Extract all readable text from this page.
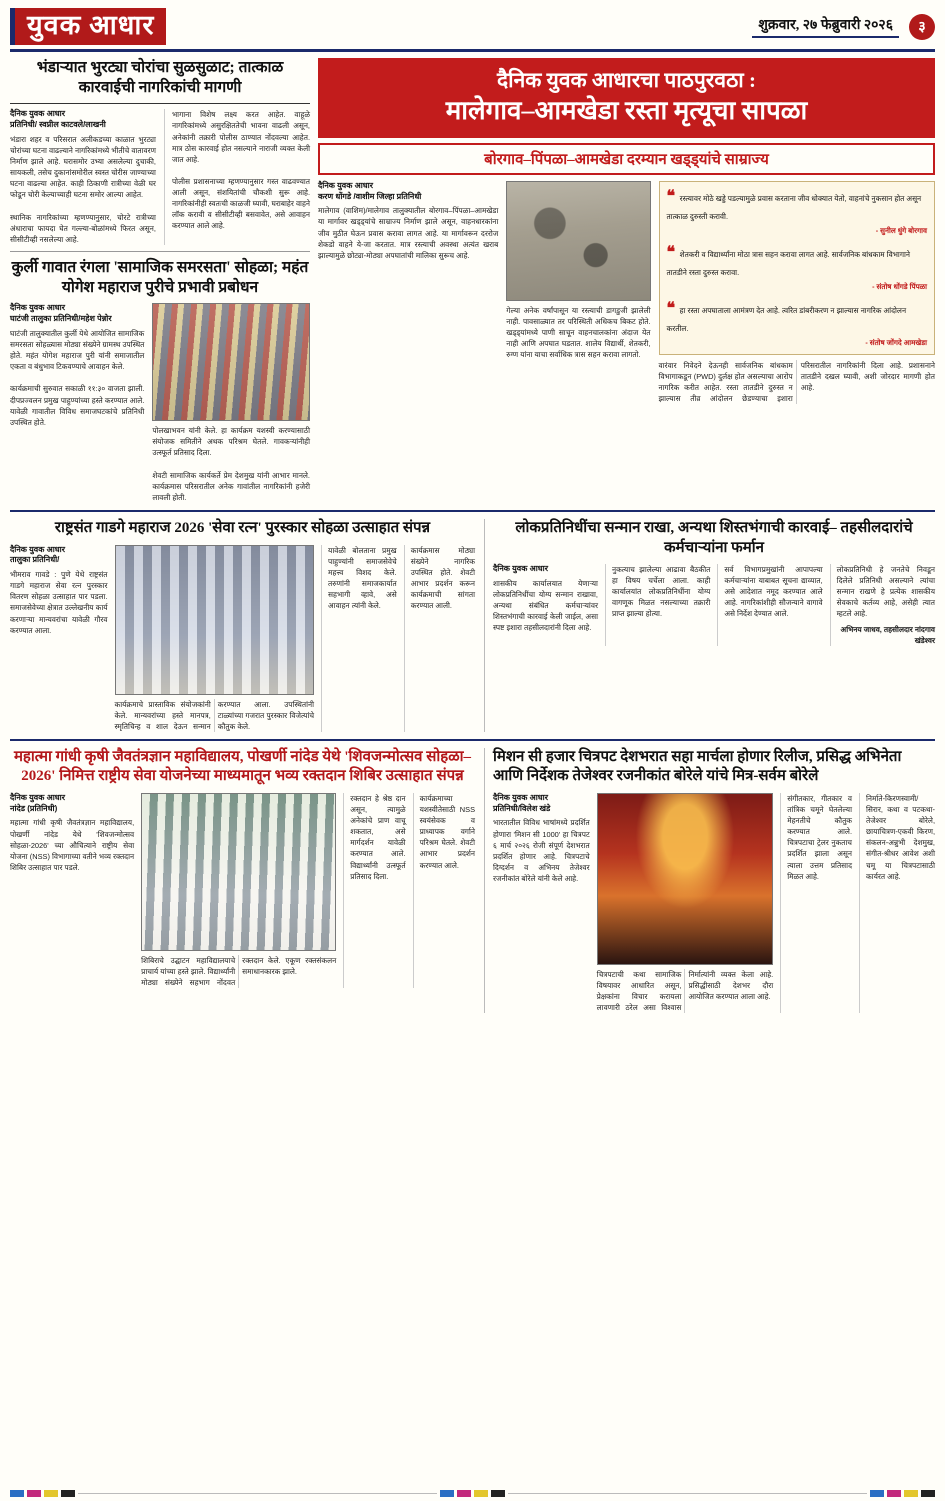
युवक आधार	शुक्रवार, २७ फेब्रुवारी २०२६	३
भंडाऱ्यात भुरट्या चोरांचा सुळसुळाट; तात्काळ कारवाईची नागरिकांची मागणी
दैनिक युवक आधार
प्रतिनिधी/ स्वप्नील काटवले/लाखनी
भंडारा शहर व परिसरात अलीकडच्या काळात भुरट्या चोरांच्या घटना वाढल्याने नागरिकांमध्ये भीतीचे वातावरण निर्माण झाले आहे. घरासमोर उभ्या असलेल्या दुचाकी, सायकली, तसेच दुकानांसमोरील स्वस्त चोरीस जाण्याच्या घटना वाढल्या आहेत. काही ठिकाणी रात्रीच्या वेळी घर फोडून चोरी केल्याच्याही घटना समोर आल्या आहेत.

स्थानिक नागरिकांच्या म्हणण्यानुसार, चोरटे रात्रीच्या अंधाराचा फायदा घेत गल्ल्या-बोळांमध्ये फिरत असून, सीसीटीव्ही नसलेल्या आहे.
भागाना विशेष लक्ष्य करत आहेत. वाहूळे नागरिकांमध्ये असुरक्षिततेची भावना वाढली असून, अनेकांनी तक्रारी पोलीस ठाण्यात नोंदवल्या आहेत. मात्र ठोस कारवाई होत नसल्याने नाराजी व्यक्त केली जात आहे.

पोलीस प्रशासनाच्या म्हणण्यानुसार गस्त वाढवण्यात आली असून, संशयितांची चौकशी सुरू आहे. नागरिकांनीही स्वतःची काळजी घ्यावी, घराबाहेर वाहने लॉक करावी व सीसीटीव्ही बसवावेत, असे आवाहन करण्यात आले आहे.
कुर्ली गावात रंगला 'सामाजिक समरसता' सोहळा; महंत योगेश महाराज पुरीचे प्रभावी प्रबोधन
दैनिक युवक आधार
घाटंजी तालुका प्रतिनिधी/महेश पेन्नोर
घाटंजी तालुक्यातील कुर्ली येथे आयोजित सामाजिक समरसता सोहळ्यास मोठ्या संख्येने ग्रामस्थ उपस्थित होते. महंत योगेश महाराज पुरी यांनी समाजातील एकता व बंधुभाव टिकवण्याचे आवाहन केले.

कार्यक्रमाची सुरुवात सकाळी ११:३० वाजता झाली. दीपप्रज्वलन प्रमुख पाहुण्यांच्या हस्ते करण्यात आले. यावेळी गावातील विविध समाजघटकांचे प्रतिनिधी उपस्थित होते.
पोलखाभवन यांनी केले. हा कार्यक्रम यशस्वी करण्यासाठी संयोजक समितीने अथक परिश्रम घेतले. गावकऱ्यांनीही उत्स्फूर्त प्रतिसाद दिला.

शेवटी सामाजिक कार्यकर्ते प्रेम देशमुख यांनी आभार मानले. कार्यक्रमास परिसरातील अनेक गावांतील नागरिकांनी हजेरी लावली होती.
दैनिक युवक आधारचा पाठपुरवठा :
मालेगाव–आमखेडा रस्ता मृत्यूचा सापळा
बोरगाव–पिंपळा–आमखेडा दरम्यान खड्ड्यांचे साम्राज्य
दैनिक युवक आधार
करण धोंगडे /वाशीम जिल्हा प्रतिनिधी
मालेगाव (वाशिम)/मालेगाव तालुक्यातील बोरगाव–पिंपळा–आमखेडा या मार्गावर खड्ड्यांचे साम्राज्य निर्माण झाले असून, वाहनधारकांना जीव मुठीत घेऊन प्रवास करावा लागत आहे. या मार्गावरून दररोज शेकडो वाहने ये-जा करतात. मात्र रस्त्याची अवस्था अत्यंत खराब झाल्यामुळे छोट्या-मोठ्या अपघातांची मालिका सुरूच आहे.
गेल्या अनेक वर्षांपासून या रस्त्याची डागडुजी झालेली नाही. पावसाळ्यात तर परिस्थिती अधिकच बिकट होते. खड्ड्यांमध्ये पाणी साचून वाहनचालकांना अंदाज येत नाही आणि अपघात घडतात. शालेय विद्यार्थी, शेतकरी, रुग्ण यांना याचा सर्वाधिक त्रास सहन करावा लागतो.
❝ रस्त्यावर मोठे खड्डे पडल्यामुळे प्रवास करताना जीव धोक्यात येतो, वाहनांचे नुकसान होत असून तात्काळ दुरुस्ती करावी.
- सुनील धुंगे बोरगाव
❝ शेतकरी व विद्यार्थ्यांना मोठा त्रास सहन करावा लागत आहे. सार्वजनिक बांधकाम विभागाने तातडीने रस्ता दुरुस्त करावा.
- संतोष धोंगडे पिंपळा
❝ हा रस्ता अपघाताला आमंत्रण देत आहे. त्वरित डांबरीकरण न झाल्यास नागरिक आंदोलन करतील.
- संतोष जोंगदे आमखेडा
वारंवार निवेदने देऊनही सार्वजनिक बांधकाम विभागाकडून (PWD) दुर्लक्ष होत असल्याचा आरोप नागरिक करीत आहेत. रस्ता तातडीने दुरुस्त न झाल्यास तीव्र आंदोलन छेडण्याचा इशारा परिसरातील नागरिकांनी दिला आहे. प्रशासनाने तातडीने दखल घ्यावी, अशी जोरदार मागणी होत आहे.
राष्ट्रसंत गाडगे महाराज 2026 'सेवा रत्न' पुरस्कार सोहळा उत्साहात संपन्न
दैनिक युवक आधार
तालुका प्रतिनिधी/
भीमराव गावडे : पुणे येथे राष्ट्रसंत गाडगे महाराज सेवा रत्न पुरस्कार वितरण सोहळा उत्साहात पार पडला. समाजसेवेच्या क्षेत्रात उल्लेखनीय कार्य करणाऱ्या मान्यवरांचा यावेळी गौरव करण्यात आला.
कार्यक्रमाचे प्रास्ताविक संयोजकांनी केले. मान्यवरांच्या हस्ते मानपत्र, स्मृतिचिन्ह व शाल देऊन सन्मान करण्यात आला. उपस्थितांनी टाळ्यांच्या गजरात पुरस्कार विजेत्यांचे कौतुक केले.
यावेळी बोलताना प्रमुख पाहुण्यांनी समाजसेवेचे महत्त्व विशद केले. तरुणांनी समाजकार्यात सहभागी व्हावे, असे आवाहन त्यांनी केले.
कार्यक्रमास मोठ्या संख्येने नागरिक उपस्थित होते. शेवटी आभार प्रदर्शन करून कार्यक्रमाची सांगता करण्यात आली.
लोकप्रतिनिधींचा सन्मान राखा, अन्यथा शिस्तभंगाची कारवाई– तहसीलदारांचे कर्मचाऱ्यांना फर्मान
दैनिक युवक आधार
शासकीय कार्यालयात येणाऱ्या लोकप्रतिनिधींचा योग्य सन्मान राखावा, अन्यथा संबंधित कर्मचाऱ्यांवर शिस्तभंगाची कारवाई केली जाईल, असा स्पष्ट इशारा तहसीलदारांनी दिला आहे.
नुकत्याच झालेल्या आढावा बैठकीत हा विषय चर्चेला आला. काही कार्यालयांत लोकप्रतिनिधींना योग्य वागणूक मिळत नसल्याच्या तक्रारी प्राप्त झाल्या होत्या.
सर्व विभागप्रमुखांनी आपापल्या कर्मचाऱ्यांना याबाबत सूचना द्याव्यात, असे आदेशात नमूद करण्यात आले आहे. नागरिकांशीही सौजन्याने वागावे असे निर्देश देण्यात आले.
लोकप्रतिनिधी हे जनतेचे निवडून दिलेले प्रतिनिधी असल्याने त्यांचा सन्मान राखणे हे प्रत्येक शासकीय सेवकाचे कर्तव्य आहे, असेही त्यात म्हटले आहे.
अभिनय जाधव, तहसीलदार नांदगाव खंडेश्वर
महात्मा गांधी कृषी जैवतंत्रज्ञान महाविद्यालय, पोखर्णी नांदेड येथे 'शिवजन्मोत्सव सोहळा–2026' निमित्त राष्ट्रीय सेवा योजनेच्या माध्यमातून भव्य रक्तदान शिबिर उत्साहात संपन्न
दैनिक युवक आधार
नांदेड (प्रतिनिधी)
महात्मा गांधी कृषी जैवतंत्रज्ञान महाविद्यालय, पोखर्णी नांदेड येथे 'शिवजन्मोत्सव सोहळा-2026' च्या औचित्याने राष्ट्रीय सेवा योजना (NSS) विभागाच्या वतीने भव्य रक्तदान शिबिर उत्साहात पार पडले.
शिबिराचे उद्घाटन महाविद्यालयाचे प्राचार्य यांच्या हस्ते झाले. विद्यार्थ्यांनी मोठ्या संख्येने सहभाग नोंदवत रक्तदान केले. एकूण रक्तसंकलन समाधानकारक झाले.
रक्तदान हे श्रेष्ठ दान असून, त्यामुळे अनेकांचे प्राण वाचू शकतात, असे मार्गदर्शन यावेळी करण्यात आले. विद्यार्थ्यांनी उत्स्फूर्त प्रतिसाद दिला.
कार्यक्रमाच्या यशस्वीतेसाठी NSS स्वयंसेवक व प्राध्यापक वर्गाने परिश्रम घेतले. शेवटी आभार प्रदर्शन करण्यात आले.
मिशन सी हजार चित्रपट देशभरात सहा मार्चला होणार रिलीज, प्रसिद्ध अभिनेता आणि निर्देशक तेजेश्वर रजनीकांत बोरेले यांचे मित्र-सर्वम बोरेले
दैनिक युवक आधार
प्रतिनिधी/विलेश खंडे
भारतातील विविध भाषांमध्ये प्रदर्शित होणारा 'मिशन सी 1000' हा चित्रपट ६ मार्च २०२६ रोजी संपूर्ण देशभरात प्रदर्शित होणार आहे. चित्रपटाचे दिग्दर्शन व अभिनय तेजेश्वर रजनीकांत बोरेले यांनी केले आहे.
चित्रपटाची कथा सामाजिक विषयावर आधारित असून, प्रेक्षकांना विचार करायला लावणारी ठरेल असा विश्वास निर्मात्यांनी व्यक्त केला आहे. प्रसिद्धीसाठी देशभर दौरा आयोजित करण्यात आला आहे.
संगीतकार, गीतकार व तांत्रिक चमूने घेतलेल्या मेहनतीचे कौतुक करण्यात आले. चित्रपटाचा ट्रेलर नुकताच प्रदर्शित झाला असून त्याला उत्तम प्रतिसाद मिळत आहे.
निर्माते-किरणस्वामी/सिरार, कथा व पटकथा-तेजेश्वर बोरेले, छायाचित्रण-एकवी किरण, संकलन-अन्नुभी देशमुख, संगीत-श्रीधर आवेश अशी चमू या चित्रपटासाठी कार्यरत आहे.
